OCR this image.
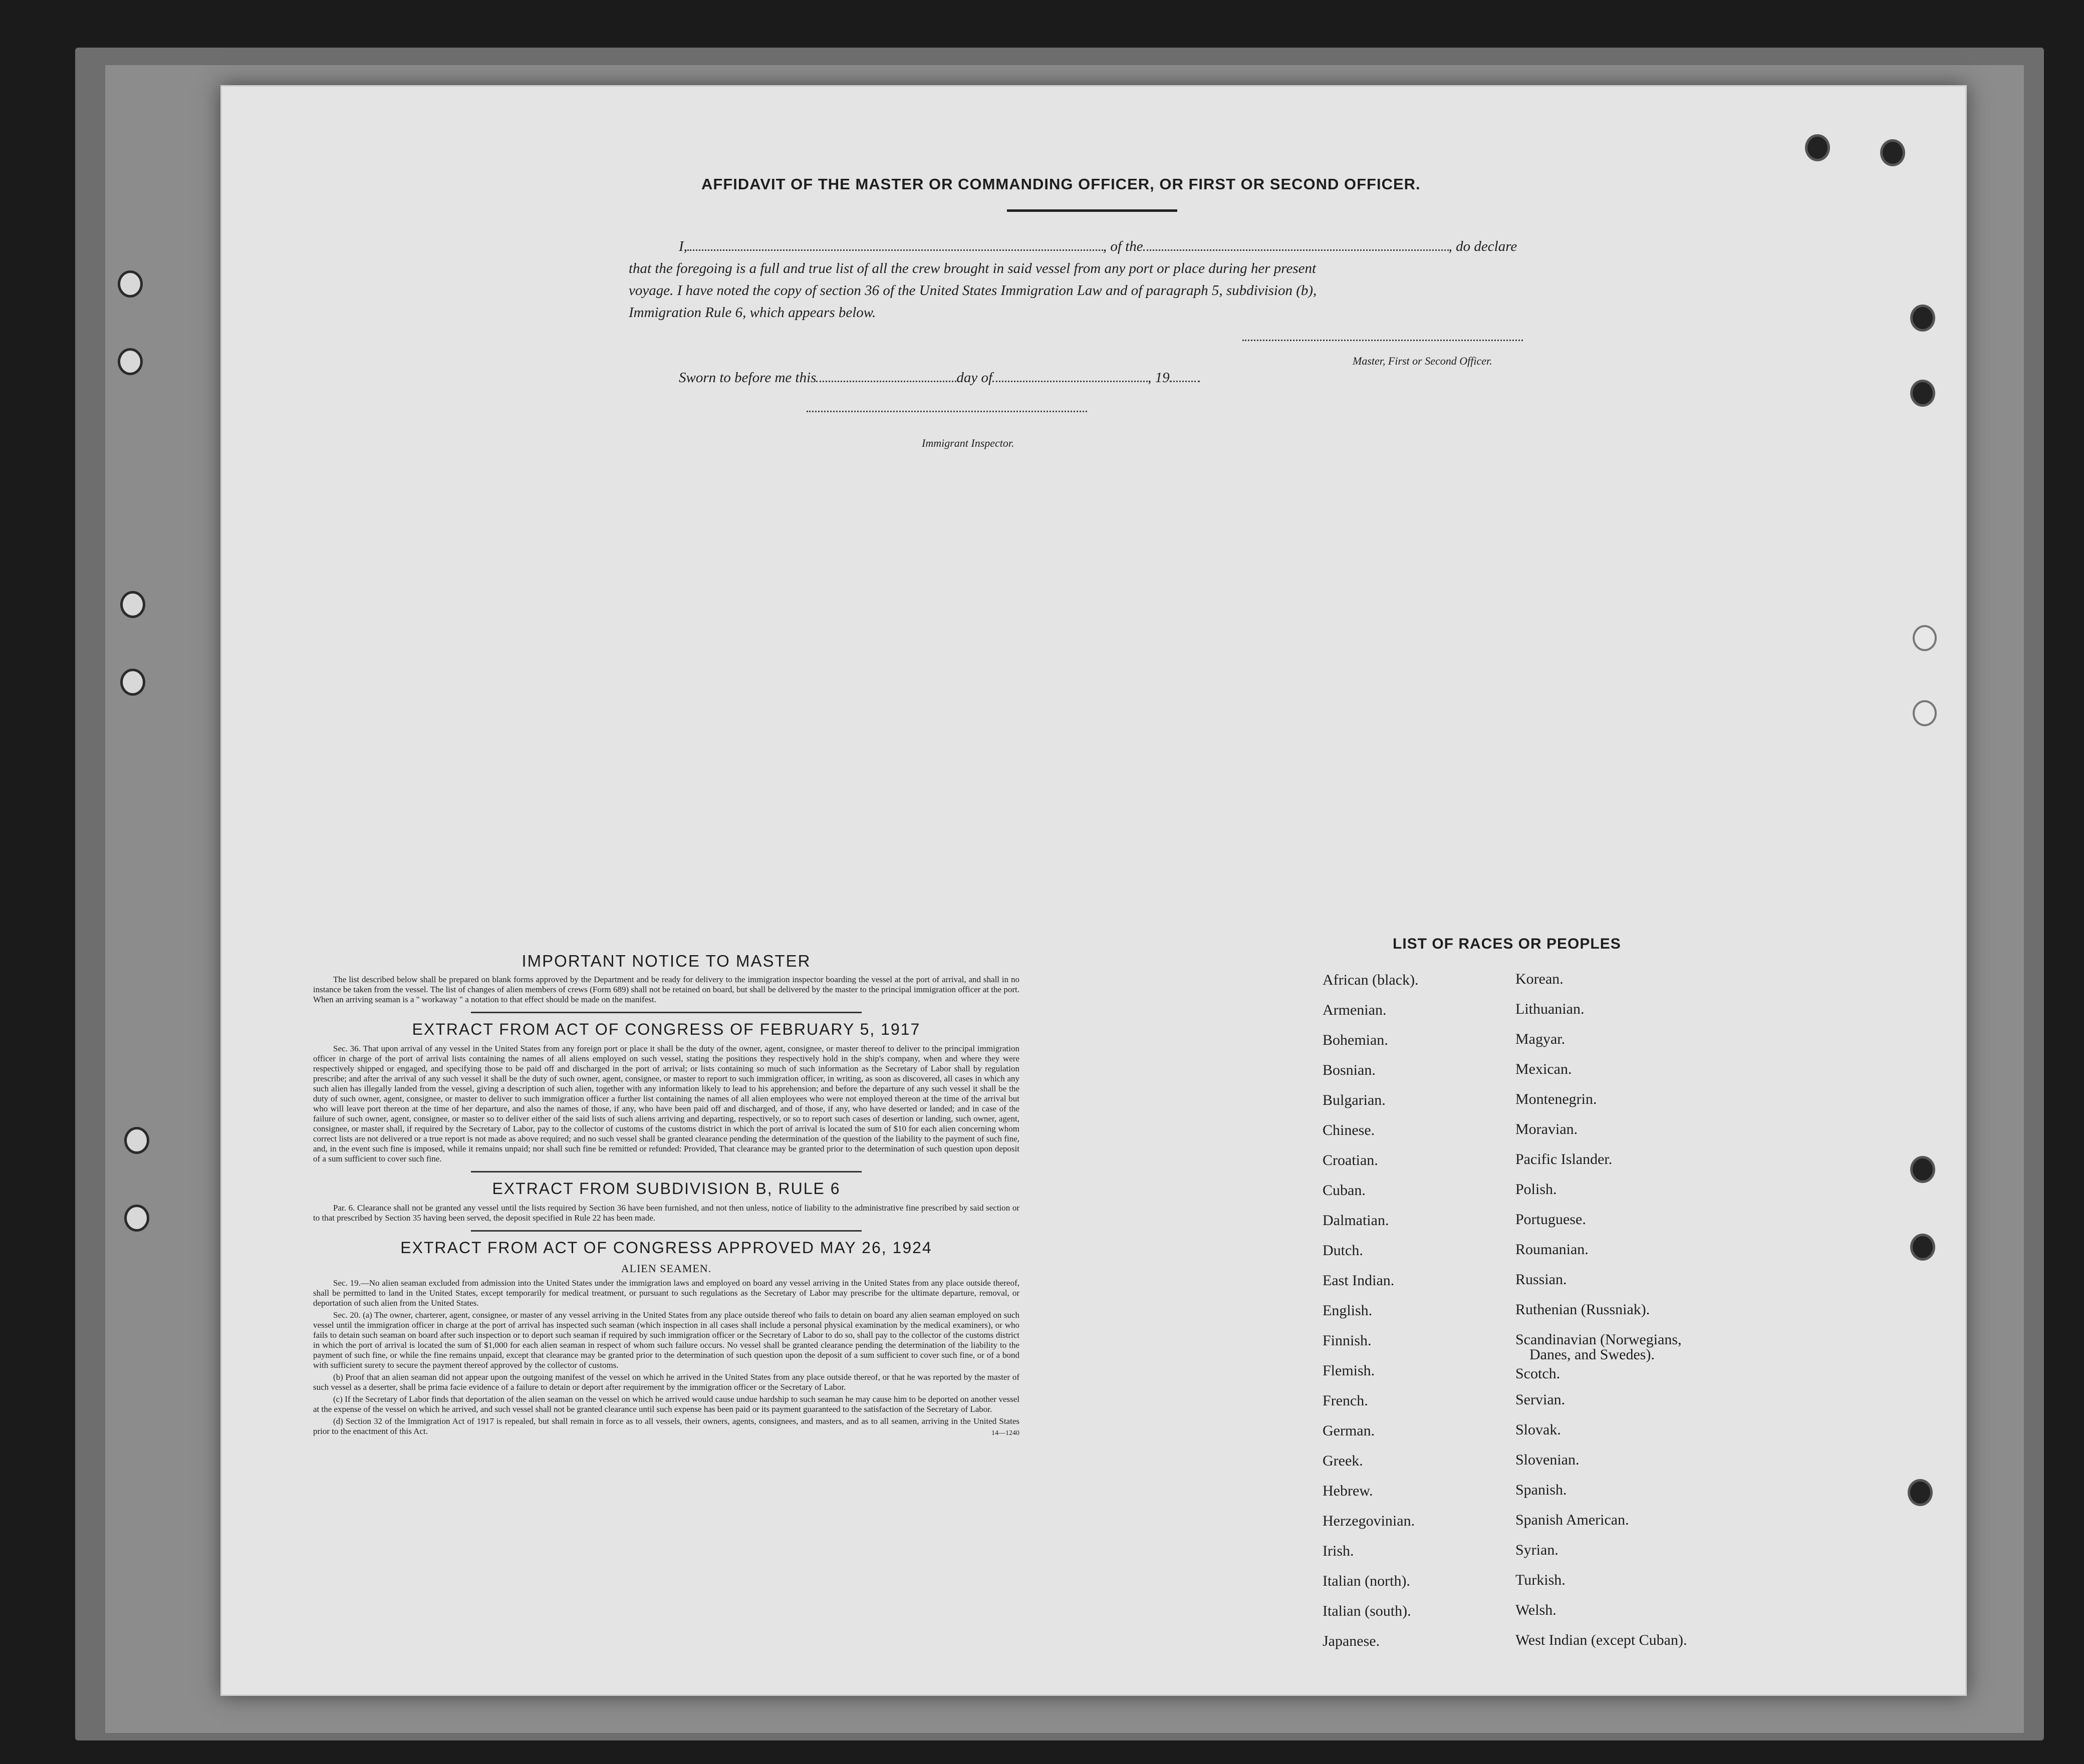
AFFIDAVIT OF THE MASTER OR COMMANDING OFFICER, OR FIRST OR SECOND OFFICER.
I,	, of the	, do declare
that the foregoing is a full and true list of all the crew brought in said vessel from any port or place during her present
voyage. I have noted the copy of section 36 of the United States Immigration Law and of paragraph 5, subdivision (b),
Immigration Rule 6, which appears below.
Master, First or Second Officer.
Sworn to before me this	day of	, 19
Immigrant Inspector.
IMPORTANT NOTICE TO MASTER

The list described below shall be prepared on blank forms approved by the Department and be ready for delivery to the immigration inspector boarding the vessel at the port of arrival, and shall in no instance be taken from the vessel. The list of changes of alien members of crews (Form 689) shall not be retained on board, but shall be delivered by the master to the principal immigration officer at the port. When an arriving seaman is a " workaway " a notation to that effect should be made on the manifest.

EXTRACT FROM ACT OF CONGRESS OF FEBRUARY 5, 1917

Sec. 36. That upon arrival of any vessel in the United States from any foreign port or place it shall be the duty of the owner, agent, consignee, or master thereof to deliver to the principal immigration officer in charge of the port of arrival lists containing the names of all aliens employed on such vessel, stating the positions they respectively hold in the ship's company, when and where they were respectively shipped or engaged, and specifying those to be paid off and discharged in the port of arrival; or lists containing so much of such information as the Secretary of Labor shall by regulation prescribe; and after the arrival of any such vessel it shall be the duty of such owner, agent, consignee, or master to report to such immigration officer, in writing, as soon as discovered, all cases in which any such alien has illegally landed from the vessel, giving a description of such alien, together with any information likely to lead to his apprehension; and before the departure of any such vessel it shall be the duty of such owner, agent, consignee, or master to deliver to such immigration officer a further list containing the names of all alien employees who were not employed thereon at the time of the arrival but who will leave port thereon at the time of her departure, and also the names of those, if any, who have been paid off and discharged, and of those, if any, who have deserted or landed; and in case of the failure of such owner, agent, consignee, or master so to deliver either of the said lists of such aliens arriving and departing, respectively, or so to report such cases of desertion or landing, such owner, agent, consignee, or master shall, if required by the Secretary of Labor, pay to the collector of customs of the customs district in which the port of arrival is located the sum of $10 for each alien concerning whom correct lists are not delivered or a true report is not made as above required; and no such vessel shall be granted clearance pending the determination of the question of the liability to the payment of such fine, and, in the event such fine is imposed, while it remains unpaid; nor shall such fine be remitted or refunded: Provided, That clearance may be granted prior to the determination of such question upon deposit of a sum sufficient to cover such fine.

EXTRACT FROM SUBDIVISION B, RULE 6

Par. 6. Clearance shall not be granted any vessel until the lists required by Section 36 have been furnished, and not then unless, notice of liability to the administrative fine prescribed by said section or to that prescribed by Section 35 having been served, the deposit specified in Rule 22 has been made.

EXTRACT FROM ACT OF CONGRESS APPROVED MAY 26, 1924
ALIEN SEAMEN.

Sec. 19.—No alien seaman excluded from admission into the United States under the immigration laws and employed on board any vessel arriving in the United States from any place outside thereof, shall be permitted to land in the United States, except temporarily for medical treatment, or pursuant to such regulations as the Secretary of Labor may prescribe for the ultimate departure, removal, or deportation of such alien from the United States.

Sec. 20. (a) The owner, charterer, agent, consignee, or master of any vessel arriving in the United States from any place outside thereof who fails to detain on board any alien seaman employed on such vessel until the immigration officer in charge at the port of arrival has inspected such seaman (which inspection in all cases shall include a personal physical examination by the medical examiners), or who fails to detain such seaman on board after such inspection or to deport such seaman if required by such immigration officer or the Secretary of Labor to do so, shall pay to the collector of the customs district in which the port of arrival is located the sum of $1,000 for each alien seaman in respect of whom such failure occurs. No vessel shall be granted clearance pending the determination of the liability to the payment of such fine, or while the fine remains unpaid, except that clearance may be granted prior to the determination of such question upon the deposit of a sum sufficient to cover such fine, or of a bond with sufficient surety to secure the payment thereof approved by the collector of customs.

(b) Proof that an alien seaman did not appear upon the outgoing manifest of the vessel on which he arrived in the United States from any place outside thereof, or that he was reported by the master of such vessel as a deserter, shall be prima facie evidence of a failure to detain or deport after requirement by the immigration officer or the Secretary of Labor.

(c) If the Secretary of Labor finds that deportation of the alien seaman on the vessel on which he arrived would cause undue hardship to such seaman he may cause him to be deported on another vessel at the expense of the vessel on which he arrived, and such vessel shall not be granted clearance until such expense has been paid or its payment guaranteed to the satisfaction of the Secretary of Labor.

(d) Section 32 of the Immigration Act of 1917 is repealed, but shall remain in force as to all vessels, their owners, agents, consignees, and masters, and as to all seamen, arriving in the United States prior to the enactment of this Act.	14—1240
LIST OF RACES OR PEOPLES
African (black).	Korean.
Armenian.	Lithuanian.
Bohemian.	Magyar.
Bosnian.	Mexican.
Bulgarian.	Montenegrin.
Chinese.	Moravian.
Croatian.	Pacific Islander.
Cuban.	Polish.
Dalmatian.	Portuguese.
Dutch.	Roumanian.
East Indian.	Russian.
English.	Ruthenian (Russniak).
Finnish.	Scandinavian (Norwegians,
Danes, and Swedes).
Flemish.	Scotch.
French.	Servian.
German.	Slovak.
Greek.	Slovenian.
Hebrew.	Spanish.
Herzegovinian.	Spanish American.
Irish.	Syrian.
Italian (north).	Turkish.
Italian (south).	Welsh.
Japanese.	West Indian (except Cuban).
